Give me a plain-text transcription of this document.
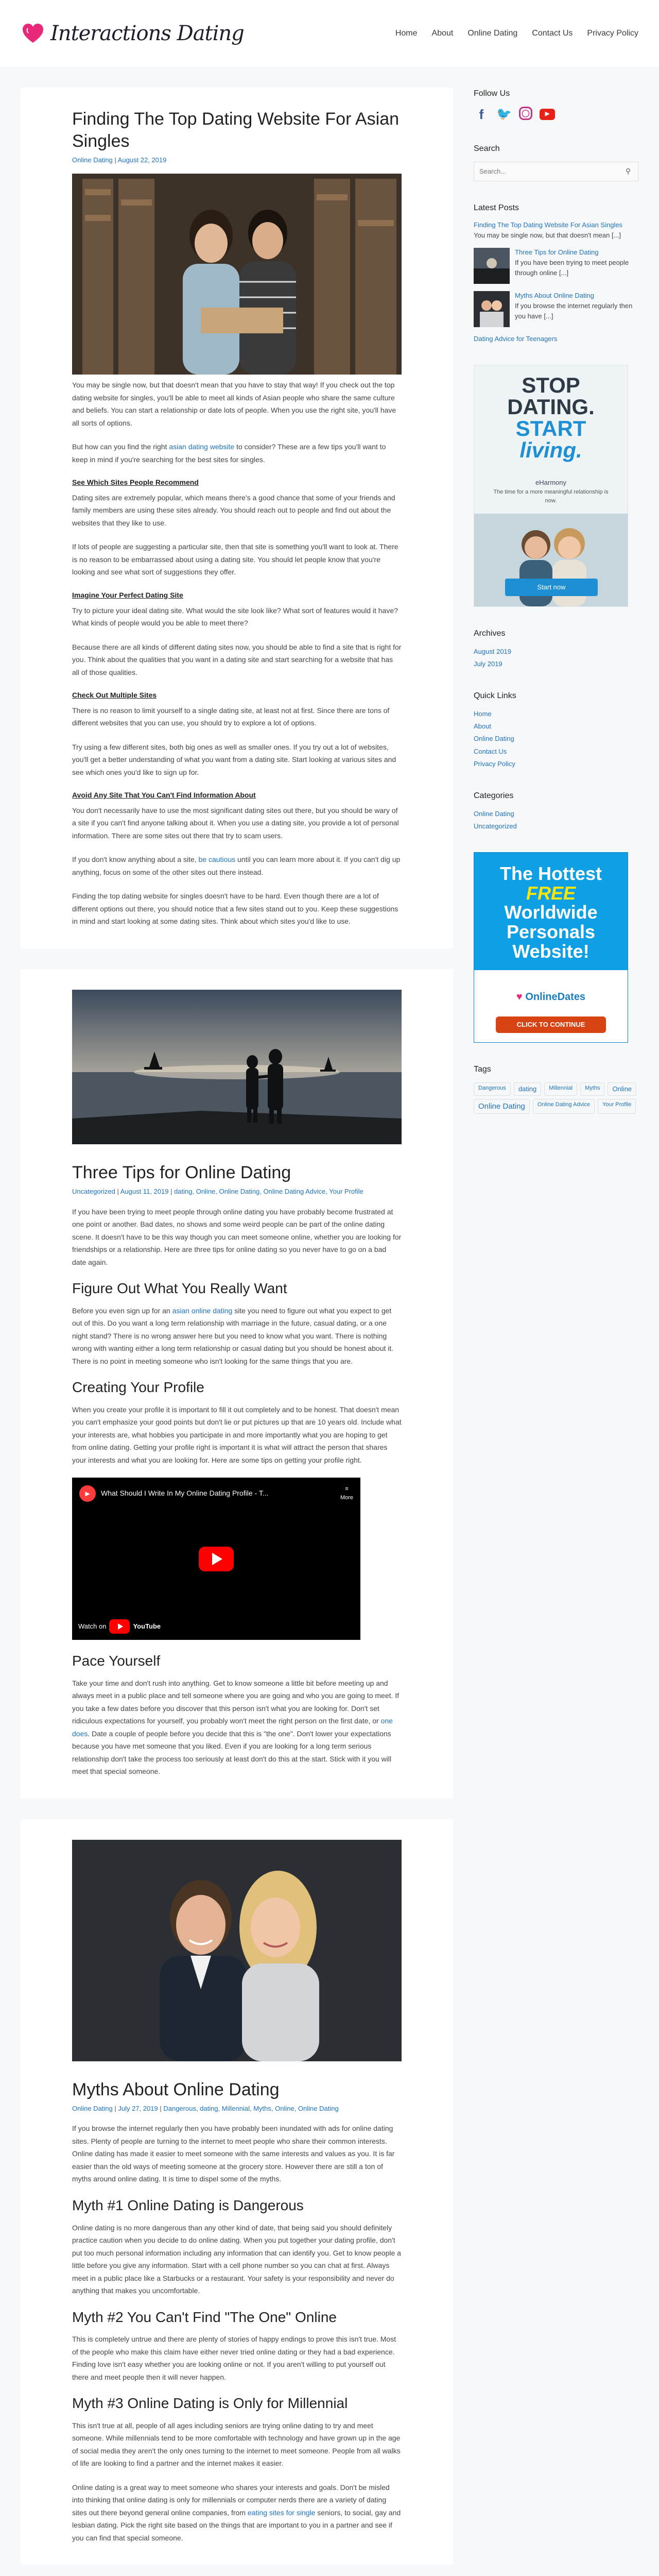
Interactions Dating	Home About Online Dating Contact Us Privacy Policy
Finding The Top Dating Website For Asian Singles
Online Dating | August 22, 2019

You may be single now, but that doesn't mean that you have to stay that way! If you check out the top dating website for singles, you'll be able to meet all kinds of Asian people who share the same culture and beliefs. You can start a relationship or date lots of people. When you use the right site, you'll have all sorts of options.

But how can you find the right asian dating website to consider? These are a few tips you'll want to keep in mind if you're searching for the best sites for singles.

See Which Sites People Recommend

Dating sites are extremely popular, which means there's a good chance that some of your friends and family members are using these sites already. You should reach out to people and find out about the websites that they like to use.

If lots of people are suggesting a particular site, then that site is something you'll want to look at. There is no reason to be embarrassed about using a dating site. You should let people know that you're looking and see what sort of suggestions they offer.

Imagine Your Perfect Dating Site

Try to picture your ideal dating site. What would the site look like? What sort of features would it have? What kinds of people would you be able to meet there?

Because there are all kinds of different dating sites now, you should be able to find a site that is right for you. Think about the qualities that you want in a dating site and start searching for a website that has all of those qualities.

Check Out Multiple Sites

There is no reason to limit yourself to a single dating site, at least not at first. Since there are tons of different websites that you can use, you should try to explore a lot of options.

Try using a few different sites, both big ones as well as smaller ones. If you try out a lot of websites, you'll get a better understanding of what you want from a dating site. Start looking at various sites and see which ones you'd like to sign up for.

Avoid Any Site That You Can't Find Information About

You don't necessarily have to use the most significant dating sites out there, but you should be wary of a site if you can't find anyone talking about it. When you use a dating site, you provide a lot of personal information. There are some sites out there that try to scam users.

If you don't know anything about a site, be cautious until you can learn more about it. If you can't dig up anything, focus on some of the other sites out there instead.

Finding the top dating website for singles doesn't have to be hard. Even though there are a lot of different options out there, you should notice that a few sites stand out to you. Keep these suggestions in mind and start looking at some dating sites. Think about which sites you'd like to use.

Three Tips for Online Dating
Uncategorized | August 11, 2019 | dating, Online, Online Dating, Online Dating Advice, Your Profile

If you have been trying to meet people through online dating you have probably become frustrated at one point or another. Bad dates, no shows and some weird people can be part of the online dating scene. It doesn't have to be this way though you can meet someone online, whether you are looking for friendships or a relationship. Here are three tips for online dating so you never have to go on a bad date again.

Figure Out What You Really Want

Before you even sign up for an asian online dating site you need to figure out what you expect to get out of this. Do you want a long term relationship with marriage in the future, casual dating, or a one night stand? There is no wrong answer here but you need to know what you want. There is nothing wrong with wanting either a long term relationship or casual dating but you should be honest about it. There is no point in meeting someone who isn't looking for the same things that you are.

Creating Your Profile

When you create your profile it is important to fill it out completely and to be honest. That doesn't mean you can't emphasize your good points but don't lie or put pictures up that are 10 years old. Include what your interests are, what hobbies you participate in and more importantly what you are hoping to get from online dating. Getting your profile right is important it is what will attract the person that shares your interests and what you are looking for. Here are some tips on getting your profile right.

▶	What Should I Write In My Online Dating Profile - T...
≡
More
Watch on	YouTube
Pace Yourself

Take your time and don't rush into anything. Get to know someone a little bit before meeting up and always meet in a public place and tell someone where you are going and who you are going to meet. If you take a few dates before you discover that this person isn't what you are looking for. Don't set ridiculous expectations for yourself, you probably won't meet the right person on the first date, or one does. Date a couple of people before you decide that this is "the one". Don't lower your expectations because you have met someone that you liked. Even if you are looking for a long term serious relationship don't take the process too seriously at least don't do this at the start. Stick with it you will meet that special someone.

Myths About Online Dating
Online Dating | July 27, 2019 | Dangerous, dating, Millennial, Myths, Online, Online Dating

If you browse the internet regularly then you have probably been inundated with ads for online dating sites. Plenty of people are turning to the internet to meet people who share their common interests. Online dating has made it easier to meet someone with the same interests and values as you. It is far easier than the old ways of meeting someone at the grocery store. However there are still a ton of myths around online dating. It is time to dispel some of the myths.

Myth #1 Online Dating is Dangerous

Online dating is no more dangerous than any other kind of date, that being said you should definitely practice caution when you decide to do online dating. When you put together your dating profile, don't put too much personal information including any information that can identify you. Get to know people a little before you give any information. Start with a cell phone number so you can chat at first. Always meet in a public place like a Starbucks or a restaurant. Your safety is your responsibility and never do anything that makes you uncomfortable.

Myth #2 You Can't Find "The One" Online

This is completely untrue and there are plenty of stories of happy endings to prove this isn't true. Most of the people who make this claim have either never tried online dating or they had a bad experience. Finding love isn't easy whether you are looking online or not. If you aren't willing to put yourself out there and meet people then it will never happen.

Myth #3 Online Dating is Only for Millennial

This isn't true at all, people of all ages including seniors are trying online dating to try and meet someone. While millennials tend to be more comfortable with technology and have grown up in the age of social media they aren't the only ones turning to the internet to meet someone. People from all walks of life are looking to find a partner and the internet makes it easier.

Online dating is a great way to meet someone who shares your interests and goals. Don't be misled into thinking that online dating is only for millennials or computer nerds there are a variety of dating sites out there beyond general online companies, from eating sites for single seniors, to social, gay and lesbian dating. Pick the right site based on the things that are important to you in a partner and see if you can find that special someone.

Follow Us
f	🐦	◯	▶
Search
Search...
⚲
Latest Posts
Finding The Top Dating Website For Asian Singles
You may be single now, but that doesn't mean [...]
Three Tips for Online Dating
If you have been trying to meet people through online [...]
Myths About Online Dating
If you browse the internet regularly then you have [...]
Dating Advice for Teenagers
STOP
DATING.
START
living.
eHarmony
The time for a more meaningful relationship is now.
Start now
Archives
August 2019
July 2019
Quick Links
Home
About
Online Dating
Contact Us
Privacy Policy
Categories
Online Dating
Uncategorized
The Hottest FREE
Worldwide
Personals
Website!
♥ OnlineDates
CLICK TO CONTINUE
Tags
Dangerous	dating	Millennial	Myths	Online
Online Dating	Online Dating Advice	Your Profile
